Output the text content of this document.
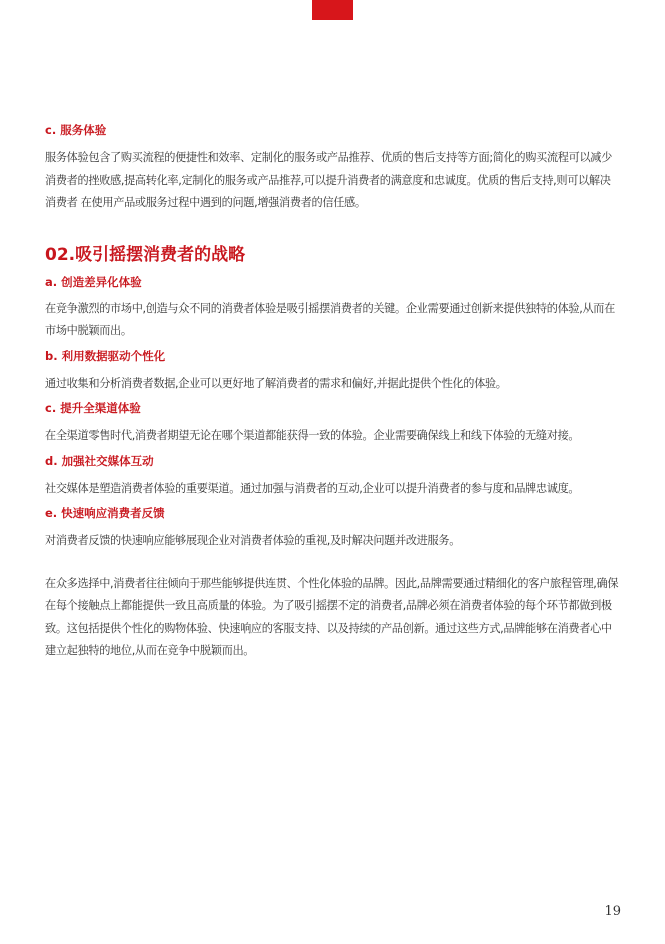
c. 服务体验

服务体验包含了购买流程的便捷性和效率、定制化的服务或产品推荐、优质的售后支持等方面;简化的购买流程可以减少消费者的挫败感,提高转化率,定制化的服务或产品推荐,可以提升消费者的满意度和忠诚度。优质的售后支持,则可以解决消费者 在使用产品或服务过程中遇到的问题,增强消费者的信任感。

02.吸引摇摆消费者的战略

a. 创造差异化体验

在竞争激烈的市场中,创造与众不同的消费者体验是吸引摇摆消费者的关键。企业需要通过创新来提供独特的体验,从而在市场中脱颖而出。

b. 利用数据驱动个性化

通过收集和分析消费者数据,企业可以更好地了解消费者的需求和偏好,并据此提供个性化的体验。

c. 提升全渠道体验

在全渠道零售时代,消费者期望无论在哪个渠道都能获得一致的体验。企业需要确保线上和线下体验的无缝对接。

d. 加强社交媒体互动

社交媒体是塑造消费者体验的重要渠道。通过加强与消费者的互动,企业可以提升消费者的参与度和品牌忠诚度。

e. 快速响应消费者反馈

对消费者反馈的快速响应能够展现企业对消费者体验的重视,及时解决问题并改进服务。

在众多选择中,消费者往往倾向于那些能够提供连贯、个性化体验的品牌。因此,品牌需要通过精细化的客户旅程管理,确保在每个接触点上都能提供一致且高质量的体验。为了吸引摇摆不定的消费者,品牌必须在消费者体验的每个环节都做到极致。这包括提供个性化的购物体验、快速响应的客服支持、以及持续的产品创新。通过这些方式,品牌能够在消费者心中建立起独特的地位,从而在竞争中脱颖而出。

19
